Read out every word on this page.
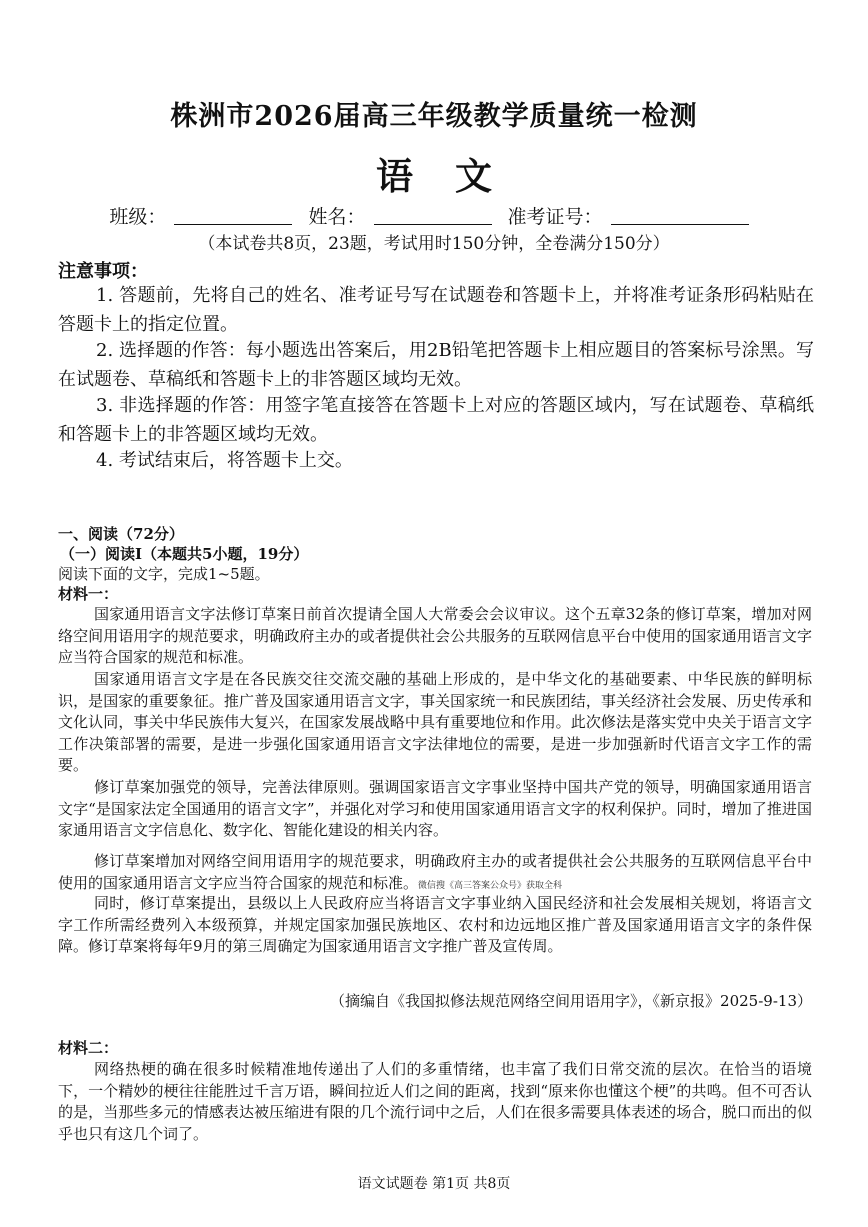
株洲市2026届高三年级教学质量统一检测
语文
班级：	姓名：	准考证号：
（本试卷共8页，23题，考试用时150分钟，全卷满分150分）
注意事项：

1. 答题前，先将自己的姓名、准考证号写在试题卷和答题卡上，并将准考证条形码粘贴在答题卡上的指定位置。

2. 选择题的作答：每小题选出答案后，用2B铅笔把答题卡上相应题目的答案标号涂黑。写在试题卷、草稿纸和答题卡上的非答题区域均无效。

3. 非选择题的作答：用签字笔直接答在答题卡上对应的答题区域内，写在试题卷、草稿纸和答题卡上的非答题区域均无效。

4. 考试结束后，将答题卡上交。

一、阅读（72分）
（一）阅读Ⅰ（本题共5小题，19分）
阅读下面的文字，完成1~5题。
材料一：

国家通用语言文字法修订草案日前首次提请全国人大常委会会议审议。这个五章32条的修订草案，增加对网络空间用语用字的规范要求，明确政府主办的或者提供社会公共服务的互联网信息平台中使用的国家通用语言文字应当符合国家的规范和标准。

国家通用语言文字是在各民族交往交流交融的基础上形成的，是中华文化的基础要素、中华民族的鲜明标识，是国家的重要象征。推广普及国家通用语言文字，事关国家统一和民族团结，事关经济社会发展、历史传承和文化认同，事关中华民族伟大复兴，在国家发展战略中具有重要地位和作用。此次修法是落实党中央关于语言文字工作决策部署的需要，是进一步强化国家通用语言文字法律地位的需要，是进一步加强新时代语言文字工作的需要。

修订草案加强党的领导，完善法律原则。强调国家语言文字事业坚持中国共产党的领导，明确国家通用语言文字“是国家法定全国通用的语言文字”，并强化对学习和使用国家通用语言文字的权利保护。同时，增加了推进国家通用语言文字信息化、数字化、智能化建设的相关内容。

修订草案增加对网络空间用语用字的规范要求，明确政府主办的或者提供社会公共服务的互联网信息平台中使用的国家通用语言文字应当符合国家的规范和标准。微信搜《高三答案公众号》获取全科

同时，修订草案提出，县级以上人民政府应当将语言文字事业纳入国民经济和社会发展相关规划，将语言文字工作所需经费列入本级预算，并规定国家加强民族地区、农村和边远地区推广普及国家通用语言文字的条件保障。修订草案将每年9月的第三周确定为国家通用语言文字推广普及宣传周。

（摘编自《我国拟修法规范网络空间用语用字》，《新京报》2025-9-13）
材料二：

网络热梗的确在很多时候精准地传递出了人们的多重情绪，也丰富了我们日常交流的层次。在恰当的语境下，一个精妙的梗往往能胜过千言万语，瞬间拉近人们之间的距离，找到“原来你也懂这个梗”的共鸣。但不可否认的是，当那些多元的情感表达被压缩进有限的几个流行词中之后，人们在很多需要具体表述的场合，脱口而出的似乎也只有这几个词了。

语文试题卷 第1页 共8页
